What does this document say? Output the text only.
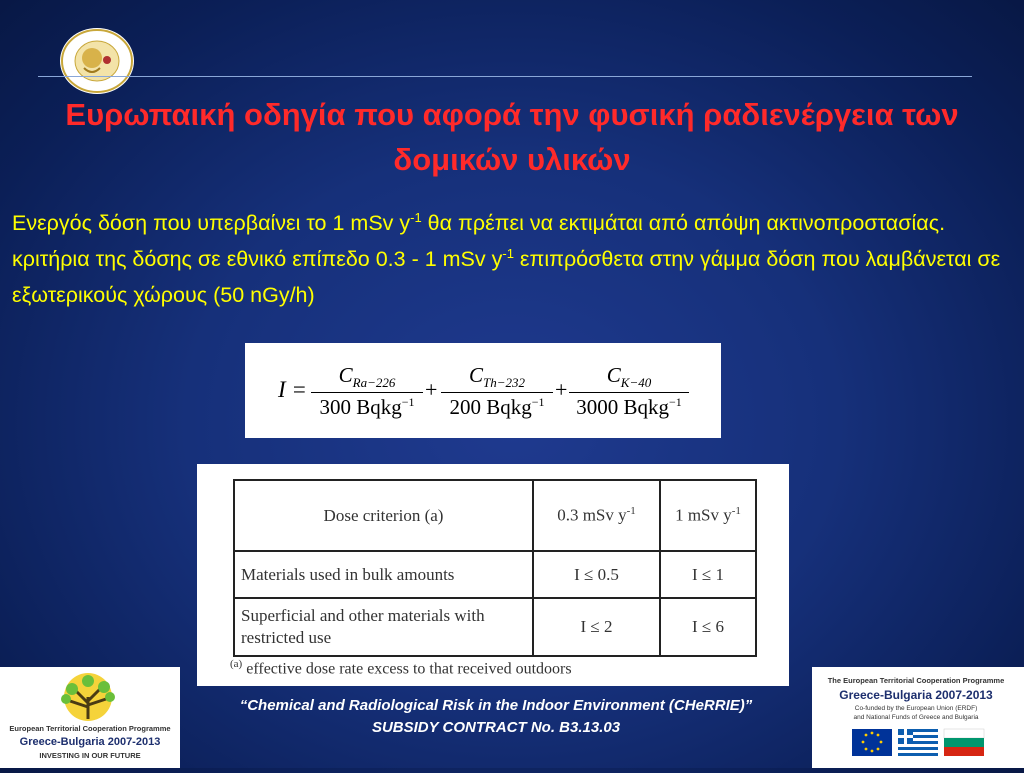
Ευρωπαική οδηγία που αφορά την φυσική ραδιενέργεια των δομικών υλικών

Ενεργός δόση που υπερβαίνει το 1 mSv $y^{-1}$ θα πρέπει να εκτιμάται από απόψη ακτινοπροστασίας.

κριτήρια της δόσης σε εθνικό επίπεδο 0.3 - 1 mSv $y^{-1}$ επιπρόσθετα στην γάμμα δόση που λαμβάνεται σε εξωτερικούς χώρους (50 nGy/h)

I =
$C_{Ra-226}$
300 Bqkg$^{-1}$ +
$C_{Th-232}$
200 Bqkg$^{-1}$ +
$C_{K-40}$
3000 Bqkg$^{-1}$
Dose criterion (a)	0.3 mSv $y^{-1}$	1 mSv $y^{-1}$
Materials used in bulk amounts	I ≤ 0.5	I ≤ 1
Superficial and other materials with restricted use	I ≤ 2	I ≤ 6
$^{(a)}$ effective dose rate excess to that received outdoors
European Territorial Cooperation Programme
Greece-Bulgaria 2007-2013
INVESTING IN OUR FUTURE
“Chemical and Radiological Risk in the Indoor Environment (CHeRRIE)”
SUBSIDY CONTRACT No. B3.13.03
The European Territorial Cooperation Programme
Greece-Bulgaria 2007-2013
Co-funded by the European Union (ERDF)
and National Funds of Greece and Bulgaria
